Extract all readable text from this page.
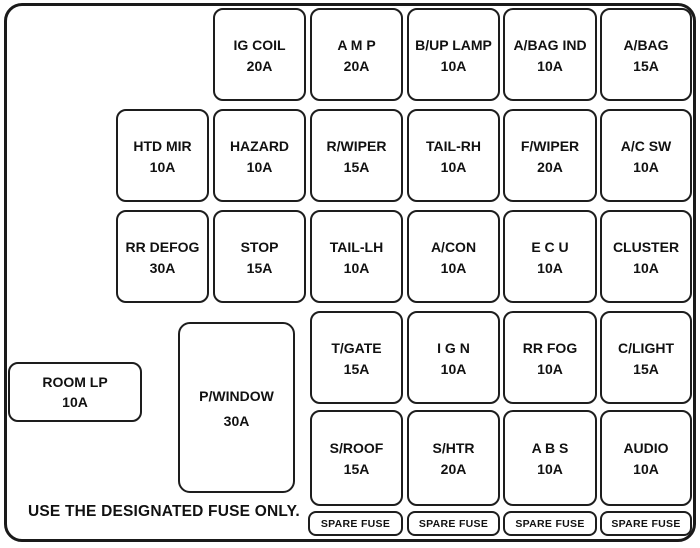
IG COIL
20A
A M P
20A
B/UP LAMP
10A
A/BAG IND
10A
A/BAG
15A
HTD MIR
10A
HAZARD
10A
R/WIPER
15A
TAIL-RH
10A
F/WIPER
20A
A/C SW
10A
RR DEFOG
30A
STOP
15A
TAIL-LH
10A
A/CON
10A
E C U
10A
CLUSTER
10A
T/GATE
15A
I G N
10A
RR FOG
10A
C/LIGHT
15A
S/ROOF
15A
S/HTR
20A
A B S
10A
AUDIO
10A
ROOM LP
10A	P/WINDOW
30A
SPARE FUSE	SPARE FUSE	SPARE FUSE	SPARE FUSE
USE THE DESIGNATED FUSE ONLY.
